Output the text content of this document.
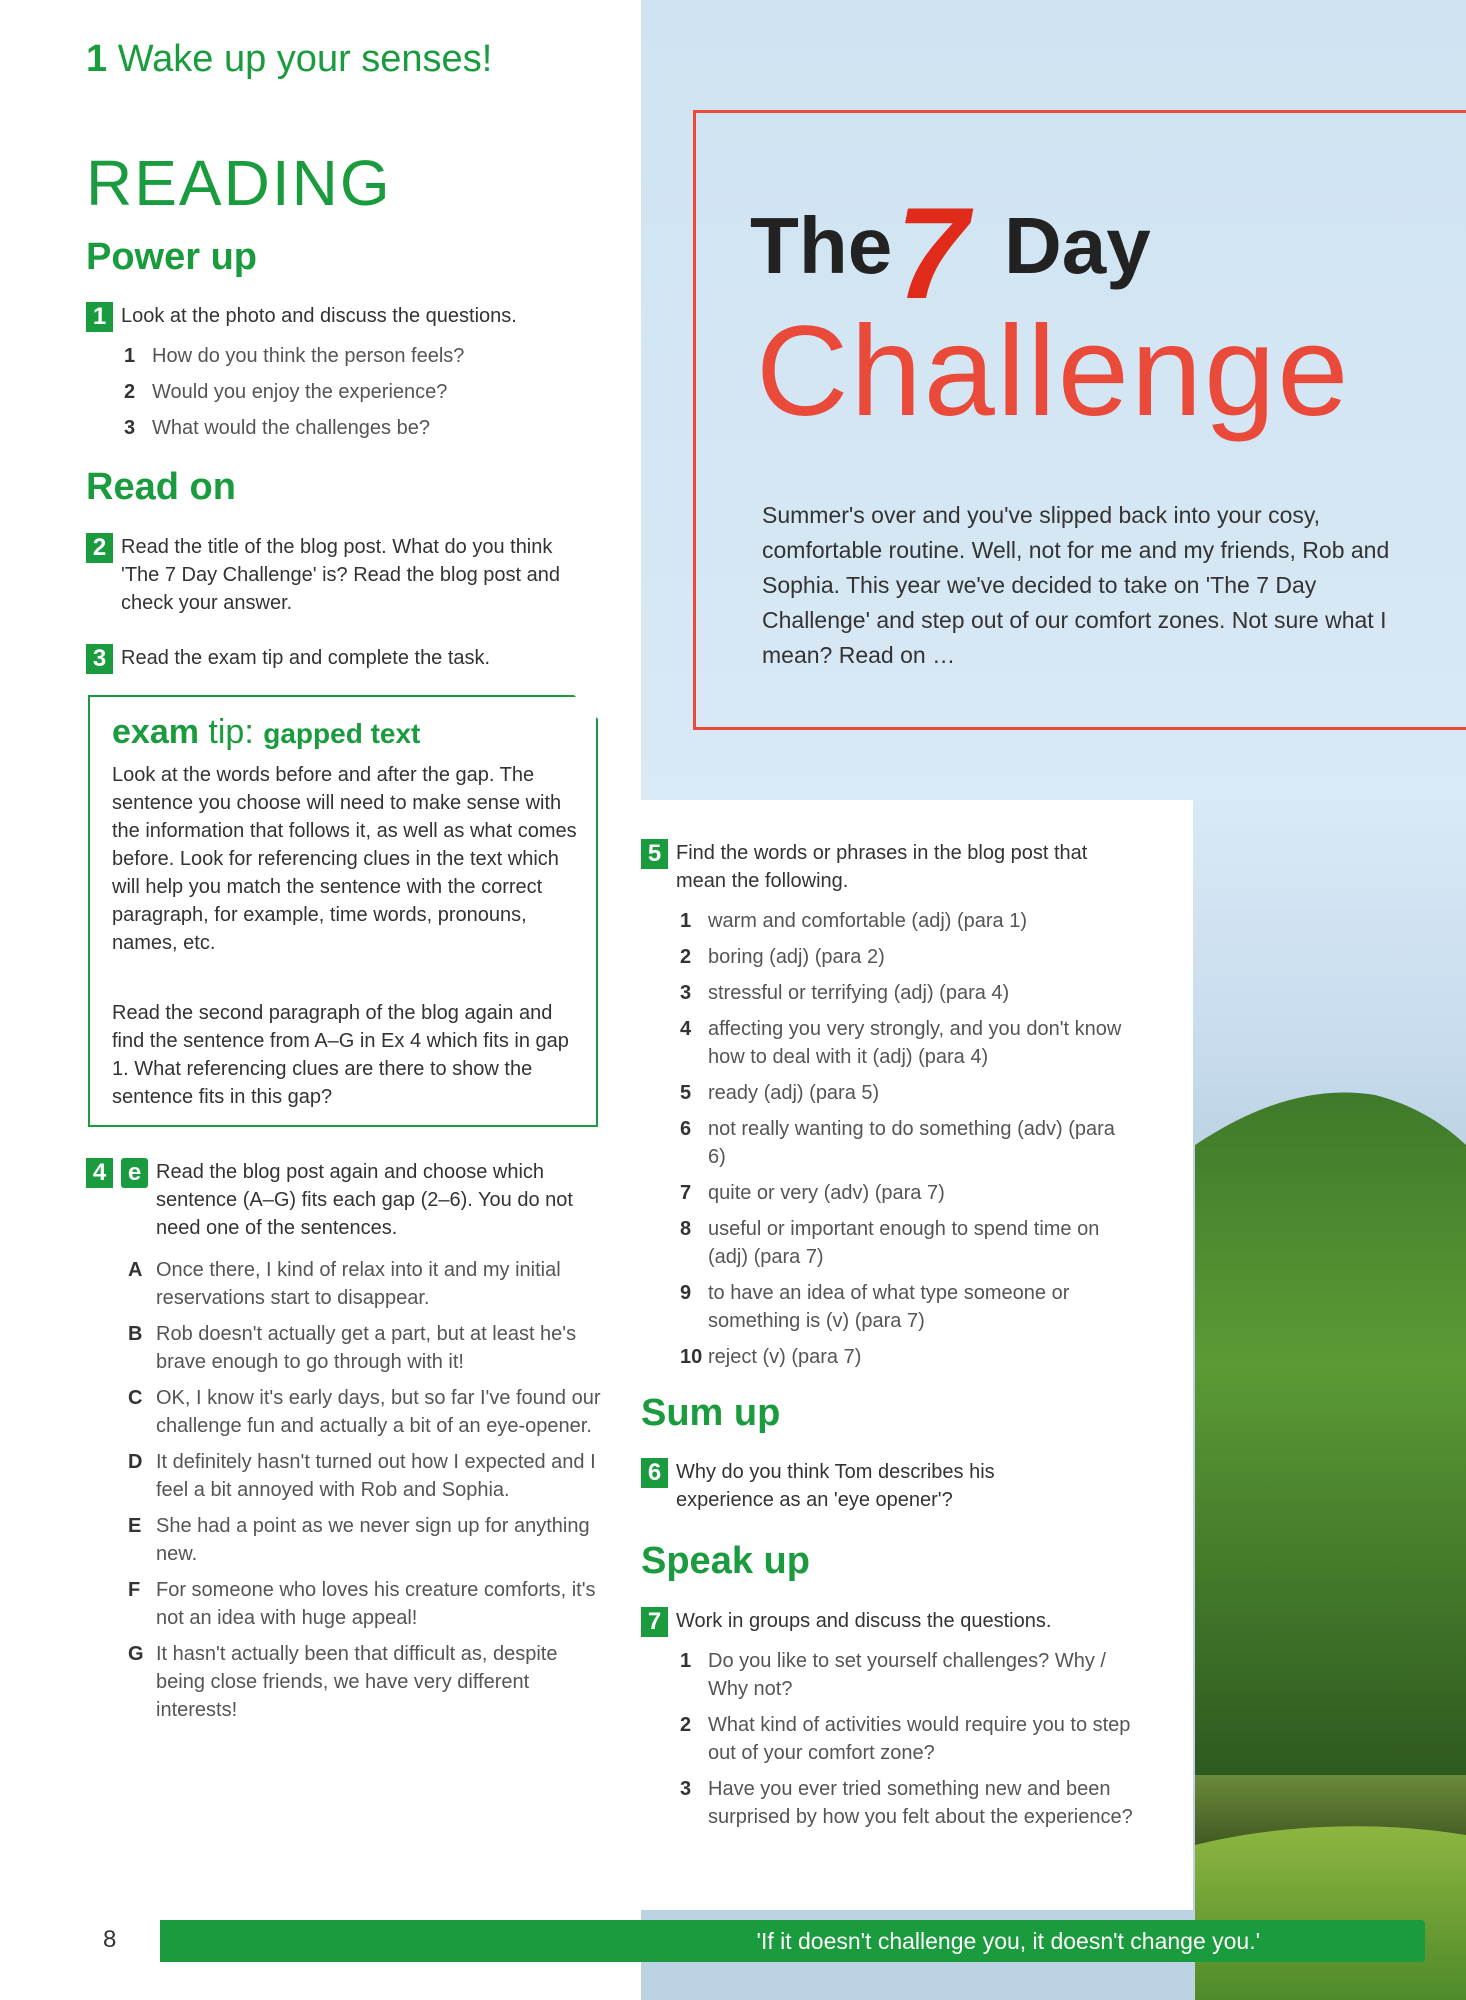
1 Wake up your senses!
READING
Power up
1 Look at the photo and discuss the questions.
1 How do you think the person feels?
2 Would you enjoy the experience?
3 What would the challenges be?
Read on
2 Read the title of the blog post. What do you think 'The 7 Day Challenge' is? Read the blog post and check your answer.
3 Read the exam tip and complete the task.
exam tip: gapped text

Look at the words before and after the gap. The sentence you choose will need to make sense with the information that follows it, as well as what comes before. Look for referencing clues in the text which will help you match the sentence with the correct paragraph, for example, time words, pronouns, names, etc.

Read the second paragraph of the blog again and find the sentence from A–G in Ex 4 which fits in gap 1. What referencing clues are there to show the sentence fits in this gap?

4 e Read the blog post again and choose which sentence (A–G) fits each gap (2–6). You do not need one of the sentences.
A Once there, I kind of relax into it and my initial reservations start to disappear.
B Rob doesn't actually get a part, but at least he's brave enough to go through with it!
C OK, I know it's early days, but so far I've found our challenge fun and actually a bit of an eye-opener.
D It definitely hasn't turned out how I expected and I feel a bit annoyed with Rob and Sophia.
E She had a point as we never sign up for anything new.
F For someone who loves his creature comforts, it's not an idea with huge appeal!
G It hasn't actually been that difficult as, despite being close friends, we have very different interests!
The 7 Day
Challenge
Summer's over and you've slipped back into your cosy, comfortable routine. Well, not for me and my friends, Rob and Sophia. This year we've decided to take on 'The 7 Day Challenge' and step out of our comfort zones. Not sure what I mean? Read on …
5 Find the words or phrases in the blog post that mean the following.
1 warm and comfortable (adj) (para 1)
2 boring (adj) (para 2)
3 stressful or terrifying (adj) (para 4)
4 affecting you very strongly, and you don't know how to deal with it (adj) (para 4)
5 ready (adj) (para 5)
6 not really wanting to do something (adv) (para 6)
7 quite or very (adv) (para 7)
8 useful or important enough to spend time on (adj) (para 7)
9 to have an idea of what type someone or something is (v) (para 7)
10 reject (v) (para 7)
Sum up
6 Why do you think Tom describes his experience as an 'eye opener'?
Speak up
7 Work in groups and discuss the questions.
1 Do you like to set yourself challenges? Why / Why not?
2 What kind of activities would require you to step out of your comfort zone?
3 Have you ever tried something new and been surprised by how you felt about the experience?
8	'If it doesn't challenge you, it doesn't change you.'
